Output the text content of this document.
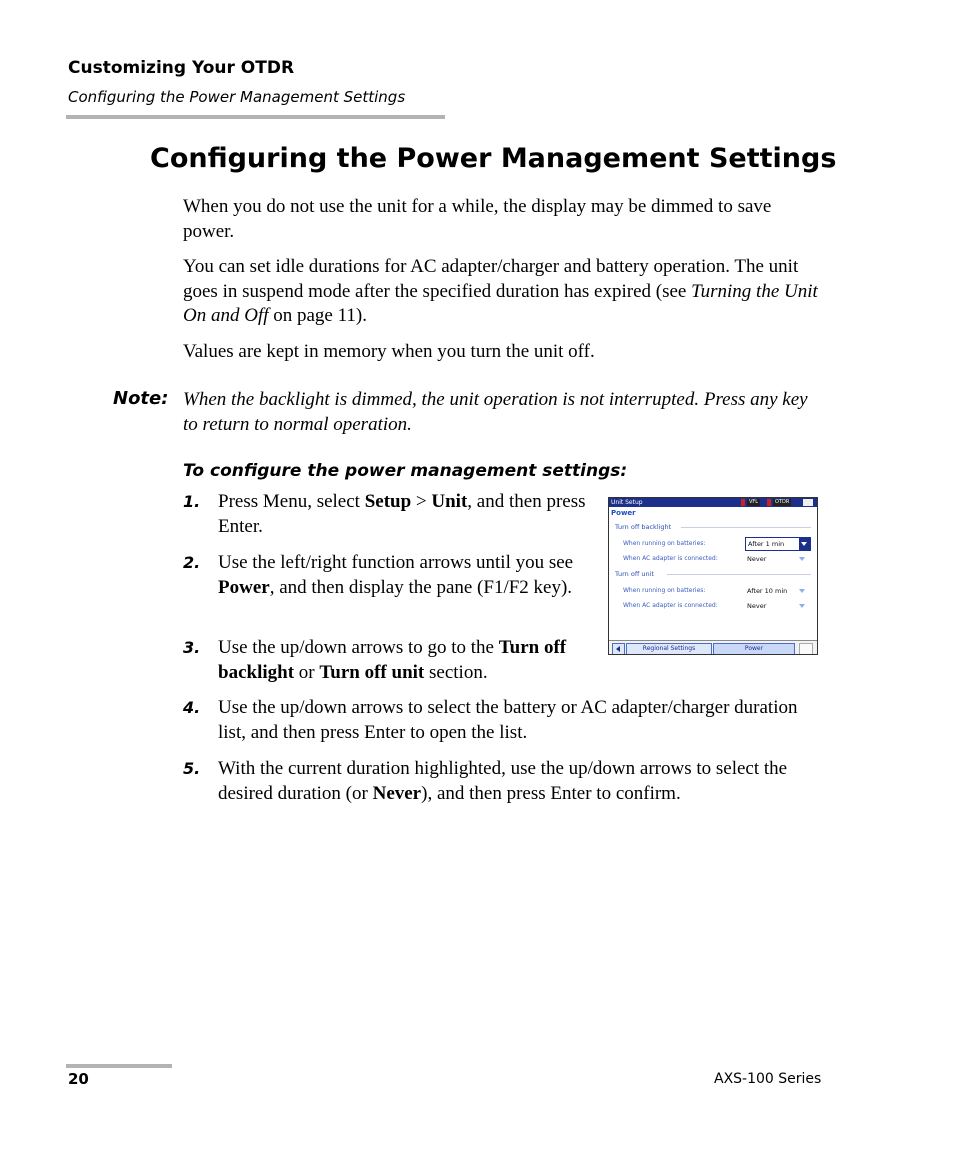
Customizing Your OTDR
Configuring the Power Management Settings
Configuring the Power Management Settings

When you do not use the unit for a while, the display may be dimmed to save power.

You can set idle durations for AC adapter/charger and battery operation. The unit goes in suspend mode after the specified duration has expired (see Turning the Unit On and Off on page 11).

Values are kept in memory when you turn the unit off.

Note: When the backlight is dimmed, the unit operation is not interrupted. Press any key to return to normal operation.
To configure the power management settings:
1. Press Menu, select Setup > Unit, and then press Enter.
2. Use the left/right function arrows until you see Power, and then display the pane (F1/F2 key).
3. Use the up/down arrows to go to the Turn off backlight or Turn off unit section.
4. Use the up/down arrows to select the battery or AC adapter/charger duration list, and then press Enter to open the list.
5. With the current duration highlighted, use the up/down arrows to select the desired duration (or Never), and then press Enter to confirm.
Unit Setup	VFL	OTDR
Power
Turn off backlight
When running on batteries:	After 1 min
When AC adapter is connected:	Never
Turn off unit
When running on batteries:	After 10 min
When AC adapter is connected:	Never
Regional Settings	Power
20	AXS-100 Series
